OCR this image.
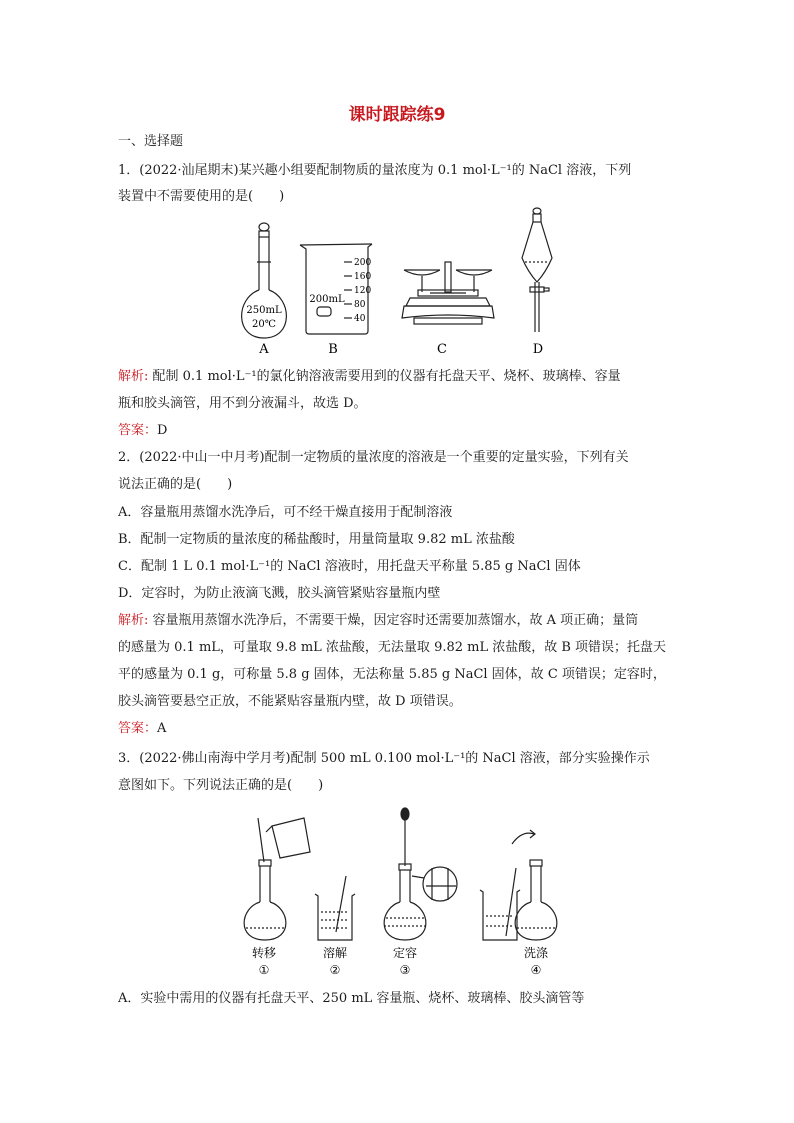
课时跟踪练9
一、选择题
1．(2022·汕尾期末)某兴趣小组要配制物质的量浓度为 0.1 mol·L⁻¹的 NaCl 溶液，下列
装置中不需要使用的是(　　)
250mL
20℃
200mL
200
160
120
80
40
A	B	C	D
解析: 配制 0.1 mol·L⁻¹的氯化钠溶液需要用到的仪器有托盘天平、烧杯、玻璃棒、容量
瓶和胶头滴管，用不到分液漏斗，故选 D。
答案：D
2．(2022·中山一中月考)配制一定物质的量浓度的溶液是一个重要的定量实验，下列有关
说法正确的是(　　)
A．容量瓶用蒸馏水洗净后，可不经干燥直接用于配制溶液
B．配制一定物质的量浓度的稀盐酸时，用量筒量取 9.82 mL 浓盐酸
C．配制 1 L 0.1 mol·L⁻¹的 NaCl 溶液时，用托盘天平称量 5.85 g NaCl 固体
D．定容时，为防止液滴飞溅，胶头滴管紧贴容量瓶内壁
解析: 容量瓶用蒸馏水洗净后，不需要干燥，因定容时还需要加蒸馏水，故 A 项正确；量筒
的感量为 0.1 mL，可量取 9.8 mL 浓盐酸，无法量取 9.82 mL 浓盐酸，故 B 项错误；托盘天
平的感量为 0.1 g，可称量 5.8 g 固体，无法称量 5.85 g NaCl 固体，故 C 项错误；定容时，
胶头滴管要悬空正放，不能紧贴容量瓶内壁，故 D 项错误。
答案：A
3．(2022·佛山南海中学月考)配制 500 mL 0.100 mol·L⁻¹的 NaCl 溶液，部分实验操作示
意图如下。下列说法正确的是(　　)
转移	溶解	定容	洗涤
①	②	③	④
A．实验中需用的仪器有托盘天平、250 mL 容量瓶、烧杯、玻璃棒、胶头滴管等
